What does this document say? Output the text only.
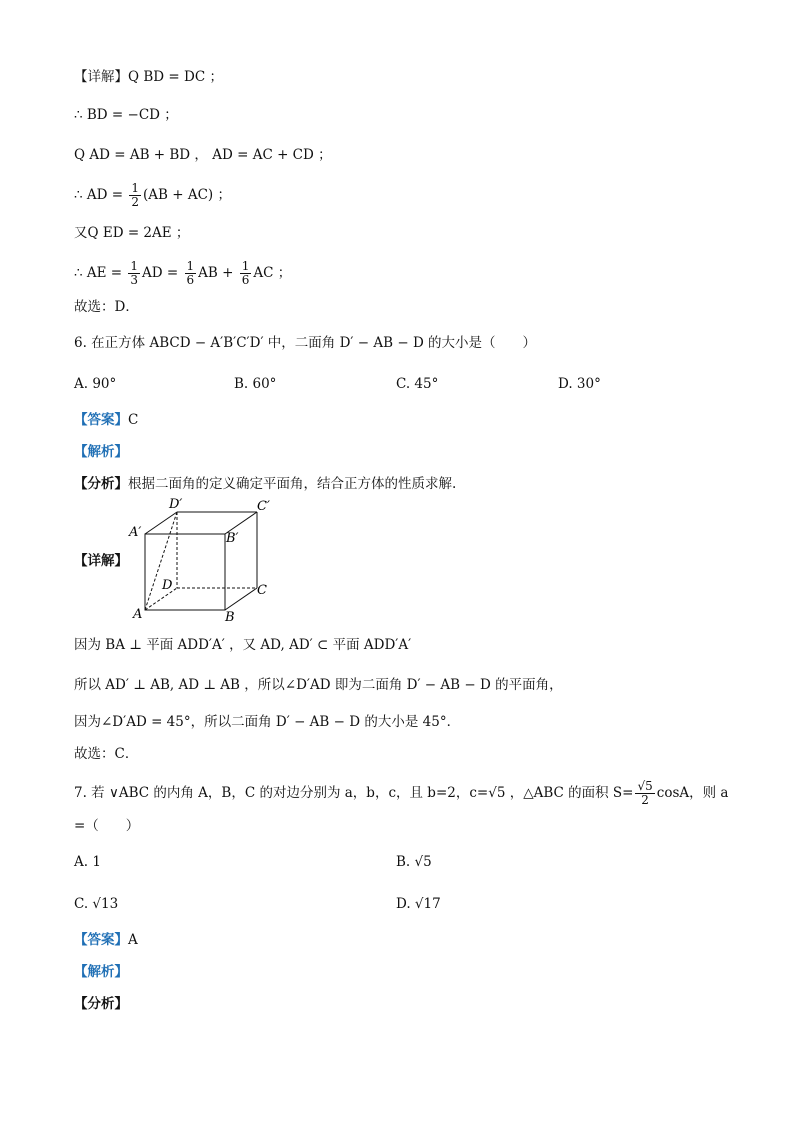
【详解】Q BD = DC ；
∴ BD = −CD ；
Q AD = AB + BD ， AD = AC + CD ；
∴ AD = $\frac{1}{2} (AB + AC)$ ；
又Q ED = 2AE ；
∴ AE = $\frac{1}{3}$ AD = $\frac{1}{6}$ AB + $\frac{1}{6}$ AC ；
故选：D．
6. 在正方体 ABCD − A′B′C′D′ 中，二面角 D′ − AB − D 的大小是（　　）
A. 90°	B. 60°	C. 45°	D. 30°
【答案】C
【解析】
【分析】根据二面角的定义确定平面角，结合正方体的性质求解.
【详解】
D′	C′
A′	B′
D	C
A	B
因为 BA ⊥ 平面 ADD′A′ ，又 AD, AD′ ⊂ 平面 ADD′A′
所以 AD′ ⊥ AB, AD ⊥ AB ，所以∠D′AD 即为二面角 D′ − AB − D 的平面角，
因为∠D′AD = 45°，所以二面角 D′ − AB − D 的大小是 45°．
故选：C．
7. 若 ∨ABC 的内角 A，B，C 的对边分别为 a，b，c，且 b=2，c=√5 ，△ABC 的面积 $S= \frac{√5}{2}$ cosA，则 a
=（　　）
A. 1	B. √5
C. √13	D. √17
【答案】A
【解析】
【分析】
